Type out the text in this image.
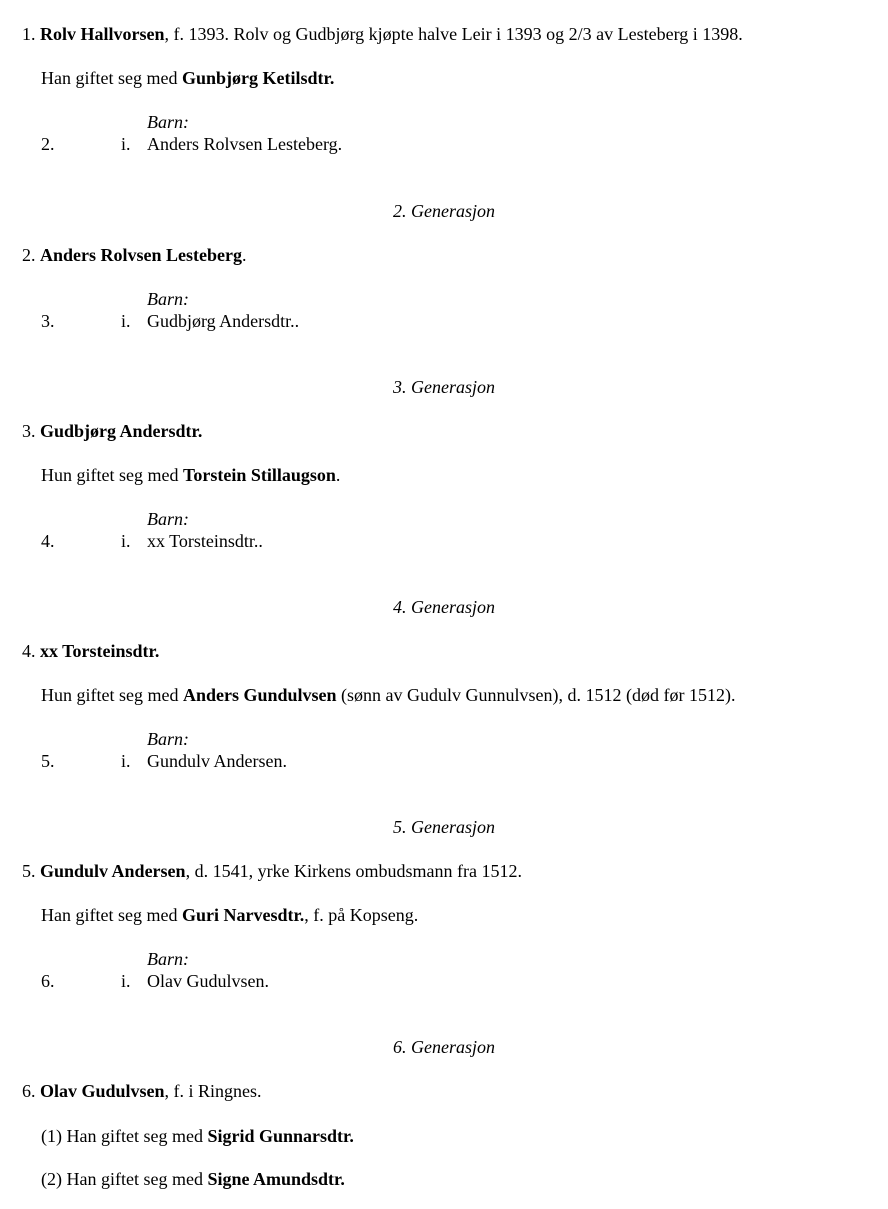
1. Rolv Hallvorsen, f. 1393. Rolv og Gudbjørg kjøpte halve Leir i 1393 og 2/3 av Lesteberg i 1398.
Han giftet seg med Gunbjørg Ketilsdtr.
Barn:
2.	i. Anders Rolvsen Lesteberg.
2. Generasjon
2. Anders Rolvsen Lesteberg.
Barn:
3.	i. Gudbjørg Andersdtr..
3. Generasjon
3. Gudbjørg Andersdtr.
Hun giftet seg med Torstein Stillaugson.
Barn:
4.	i. xx Torsteinsdtr..
4. Generasjon
4. xx Torsteinsdtr.
Hun giftet seg med Anders Gundulvsen (sønn av Gudulv Gunnulvsen), d. 1512 (død før 1512).
Barn:
5.	i. Gundulv Andersen.
5. Generasjon
5. Gundulv Andersen, d. 1541, yrke Kirkens ombudsmann fra 1512.
Han giftet seg med Guri Narvesdtr., f. på Kopseng.
Barn:
6.	i. Olav Gudulvsen.
6. Generasjon
6. Olav Gudulvsen, f. i Ringnes.
(1) Han giftet seg med Sigrid Gunnarsdtr.
(2) Han giftet seg med Signe Amundsdtr.
